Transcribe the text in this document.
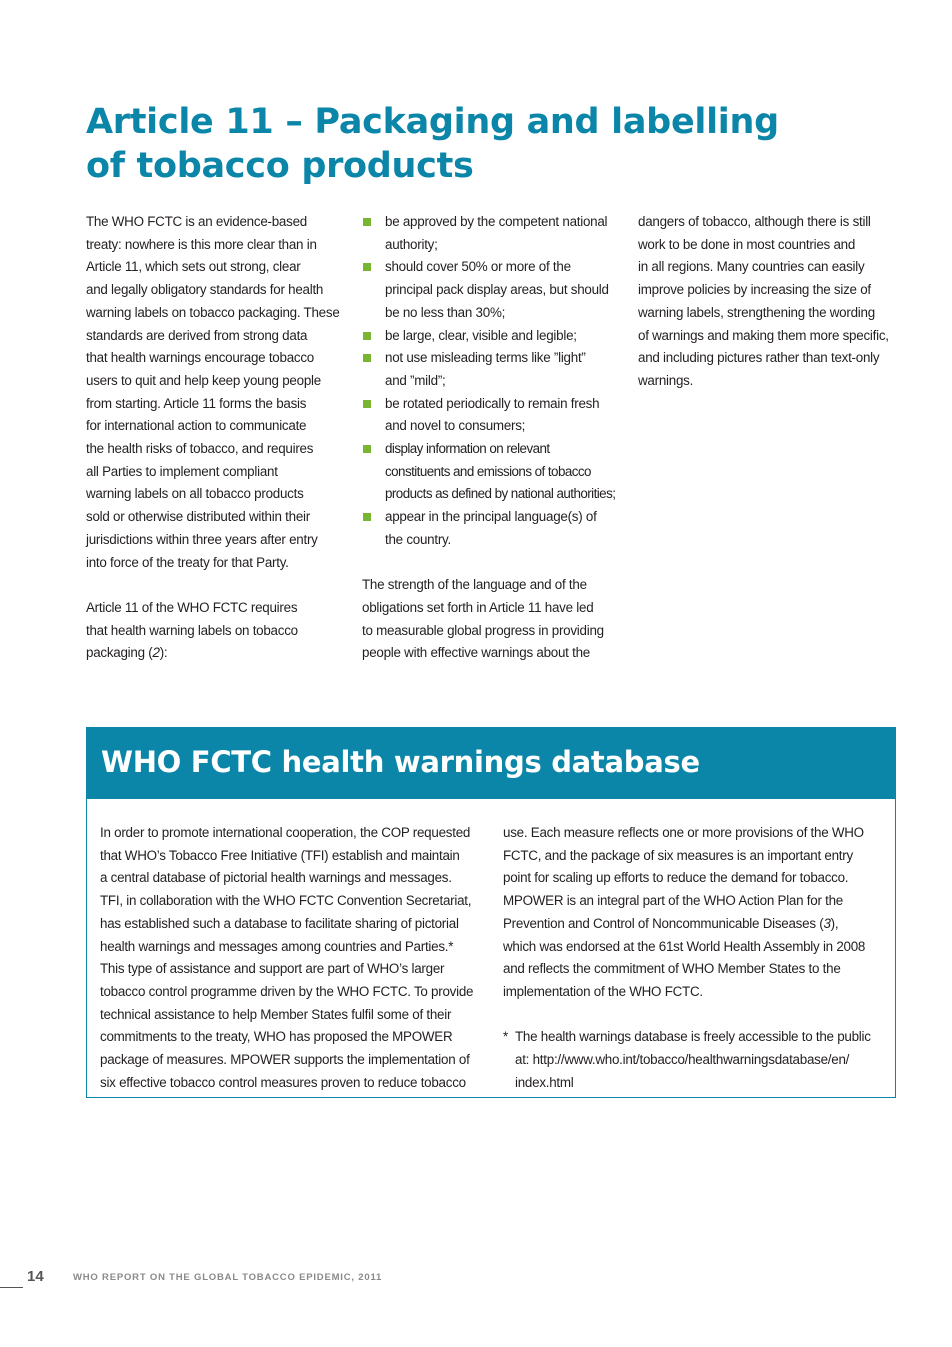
Article 11 – Packaging and labelling
of tobacco products

The WHO FCTC is an evidence-based
treaty: nowhere is this more clear than in
Article 11, which sets out strong, clear
and legally obligatory standards for health
warning labels on tobacco packaging. These
standards are derived from strong data
that health warnings encourage tobacco
users to quit and help keep young people
from starting. Article 11 forms the basis
for international action to communicate
the health risks of tobacco, and requires
all Parties to implement compliant
warning labels on all tobacco products
sold or otherwise distributed within their
jurisdictions within three years after entry
into force of the treaty for that Party.

Article 11 of the WHO FCTC requires
that health warning labels on tobacco
packaging (2):

be approved by the competent national
authority;
should cover 50% or more of the
principal pack display areas, but should
be no less than 30%;
be large, clear, visible and legible;
not use misleading terms like ”light”
and ”mild”;
be rotated periodically to remain fresh
and novel to consumers;
display information on relevant
constituents and emissions of tobacco
products as defined by national authorities;
appear in the principal language(s) of
the country.

The strength of the language and of the
obligations set forth in Article 11 have led
to measurable global progress in providing
people with effective warnings about the

dangers of tobacco, although there is still
work to be done in most countries and
in all regions. Many countries can easily
improve policies by increasing the size of
warning labels, strengthening the wording
of warnings and making them more specific,
and including pictures rather than text-only
warnings.

WHO FCTC health warnings database
In order to promote international cooperation, the COP requested
that WHO’s Tobacco Free Initiative (TFI) establish and maintain
a central database of pictorial health warnings and messages.
TFI, in collaboration with the WHO FCTC Convention Secretariat,
has established such a database to facilitate sharing of pictorial
health warnings and messages among countries and Parties.*
This type of assistance and support are part of WHO’s larger
tobacco control programme driven by the WHO FCTC. To provide
technical assistance to help Member States fulfil some of their
commitments to the treaty, WHO has proposed the MPOWER
package of measures. MPOWER supports the implementation of
six effective tobacco control measures proven to reduce tobacco
use. Each measure reflects one or more provisions of the WHO
FCTC, and the package of six measures is an important entry
point for scaling up efforts to reduce the demand for tobacco.
MPOWER is an integral part of the WHO Action Plan for the
Prevention and Control of Noncommunicable Diseases (3),
which was endorsed at the 61st World Health Assembly in 2008
and reflects the commitment of WHO Member States to the
implementation of the WHO FCTC.
* The health warnings database is freely accessible to the public
at: http://www.who.int/tobacco/healthwarningsdatabase/en/
index.html
14	WHO REPORT ON THE GLOBAL TOBACCO EPIDEMIC, 2011
